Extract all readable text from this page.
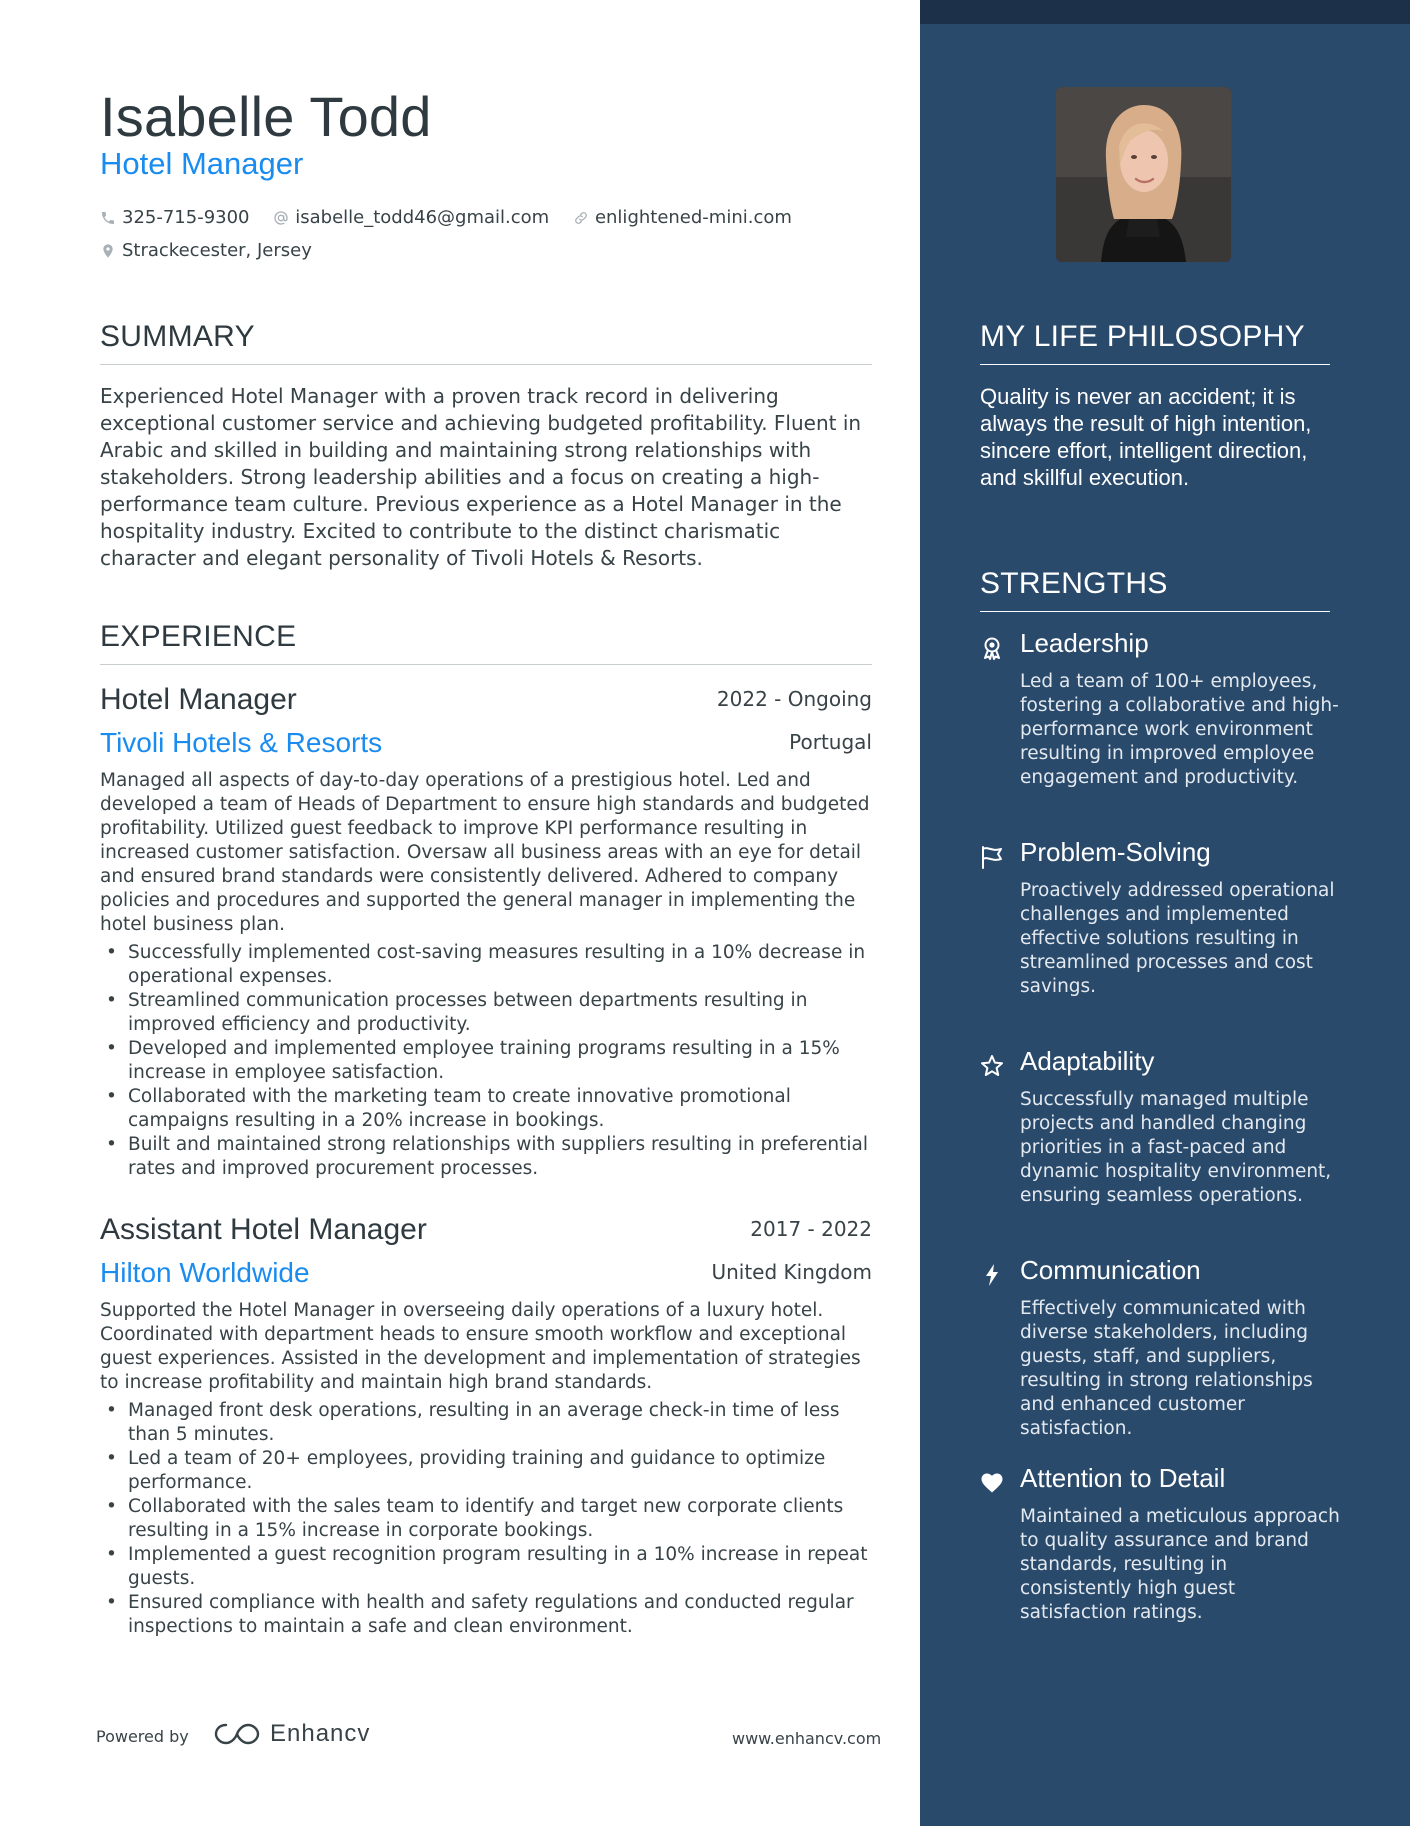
Isabelle Todd
Hotel Manager
325-715-9300
	isabelle_todd46@gmail.com
	enlightened-mini.com

Strackecester, Jersey
SUMMARY

Experienced Hotel Manager with a proven track record in delivering exceptional customer service and achieving budgeted profitability. Fluent in Arabic and skilled in building and maintaining strong relationships with stakeholders. Strong leadership abilities and a focus on creating a high-performance team culture. Previous experience as a Hotel Manager in the hospitality industry. Excited to contribute to the distinct charismatic character and elegant personality of Tivoli Hotels & Resorts.

EXPERIENCE
Hotel Manager	2022 - Ongoing
Tivoli Hotels & Resorts	Portugal

Managed all aspects of day-to-day operations of a prestigious hotel. Led and developed a team of Heads of Department to ensure high standards and budgeted profitability. Utilized guest feedback to improve KPI performance resulting in increased customer satisfaction. Oversaw all business areas with an eye for detail and ensured brand standards were consistently delivered. Adhered to company policies and procedures and supported the general manager in implementing the hotel business plan.

• Successfully implemented cost-saving measures resulting in a 10% decrease in operational expenses.
• Streamlined communication processes between departments resulting in improved efficiency and productivity.
• Developed and implemented employee training programs resulting in a 15% increase in employee satisfaction.
• Collaborated with the marketing team to create innovative promotional campaigns resulting in a 20% increase in bookings.
• Built and maintained strong relationships with suppliers resulting in preferential rates and improved procurement processes.
Assistant Hotel Manager	2017 - 2022
Hilton Worldwide	United Kingdom

Supported the Hotel Manager in overseeing daily operations of a luxury hotel. Coordinated with department heads to ensure smooth workflow and exceptional guest experiences. Assisted in the development and implementation of strategies to increase profitability and maintain high brand standards.

• Managed front desk operations, resulting in an average check-in time of less than 5 minutes.
• Led a team of 20+ employees, providing training and guidance to optimize performance.
• Collaborated with the sales team to identify and target new corporate clients resulting in a 15% increase in corporate bookings.
• Implemented a guest recognition program resulting in a 10% increase in repeat guests.
• Ensured compliance with health and safety regulations and conducted regular inspections to maintain a safe and clean environment.
Powered by	Enhancv	www.enhancv.com
MY LIFE PHILOSOPHY

Quality is never an accident; it is always the result of high intention, sincere effort, intelligent direction, and skillful execution.

STRENGTHS
Leadership

Led a team of 100+ employees, fostering a collaborative and high-performance work environment resulting in improved employee engagement and productivity.

Problem-Solving

Proactively addressed operational challenges and implemented effective solutions resulting in streamlined processes and cost savings.

Adaptability

Successfully managed multiple projects and handled changing priorities in a fast-paced and dynamic hospitality environment, ensuring seamless operations.

Communication

Effectively communicated with diverse stakeholders, including guests, staff, and suppliers, resulting in strong relationships and enhanced customer satisfaction.

Attention to Detail

Maintained a meticulous approach to quality assurance and brand standards, resulting in consistently high guest satisfaction ratings.
